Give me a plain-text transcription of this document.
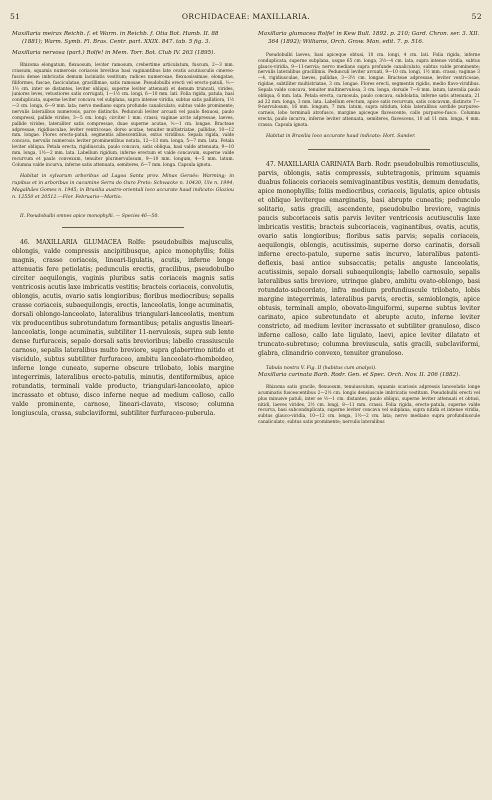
51	ORCHIDACEAE: MAXILLARIA.	52

Maxillaria meirax Reichb. f. et Warm. in Reichb. f. Otia Bot. Hamb. II. 88 (1881); Warm. Symb. Fl. Bras. Centr. part. XXIX. 847. tab. 5 fig. 3.

Maxillaria nervosa (part.) Rolfe! in Mem. Torr. Bot. Club IV. 263 (1895).

Rhizoma elongatum, flexuosum, leviter ramosum, crebertime articulatum, fuscum, 2—3 mm. crassum, squamis numerosis coriaceis brevibus basi vaginantibus late ovatis acutiusculis cinereo-fuscis dense imbricatis demum laciniatis vestitum; radices numerosae, flexuosissimae, elongatae, filiformes, fuscae, fasciculatae, gracillimae, satis ramosae. Pseudobulbi erecti vel erecto-patuli, ⅓—1⅓ cm. inter se distantes, leviter obliqui, superne leviter attenuati et demum truncati, virides, juniores leves, vetustiores satis corrugati, 1—1½ cm. longi, 6—10 mm. lati. Folia rigida, patula, basi conduplicata, superne leviter concava vel subplana, supra intense viridia, subtus satis pallidiora, 1½—3 cm. longa, 6—9 mm. lata; nervo mediano supra profunde canaliculato, subtus valde prominente; nervulis lateralibus numerosis, parce distinctis. Pedunculi leviter arcuati vel paulo flexuosi, paulo compressi, pallide virides, 3—5 cm. longi; circiter 1 mm. crassi; vaginae arcte adpressae, laeves, pallide virides, lateraliter satis compressae, duae superne acutae, ⅓—1 cm. longae. Bracteae adpressae, rigidiusculae, leviter ventricosae, dorso acutae, tenuiter multistriatae, pallidae, 10—12 mm. longae. Flores erecto-patuli, segmentis albescentibus, extus viridibus. Sepala rigida, valde concava, nervulis numerosis leviter prominentibus notata, 12—13 mm. longa, 5—7 mm. lata. Petala leviter obliqua. Petala erecta, rigidiuscula, paulo concava, satis obliqua, basi valde attenuata, 9—10 mm. longa, 1½—2 mm. lata. Labellum rigidum, inferne erectum et valde concavum, superne valde recurvum et paulo convexum, tenuiter plurinervulosum, 9—10 mm. longum, 4—5 mm. latum. Columna valde incurva, inferne satis attenuata, semiteres, 6—7 mm. longa. Capsula ignota.

Habitat in sylvarum arboribus ad Lagoa Santa prov. Minas Geraës: Warming; in rupibus et in arboribus in cacumine Serra do Ouro Preto: Schwacke n. 10430, Ule n. 1994, Magalhães Gomes n. 1945; in Brasilia austro-orientali loco accurate haud indicato: Glaziou n. 12550 et 20512.—Flor. Februario—Martio.

II. Pseudobulbi omnes apice monophylli. — Species 46—50.

46. MAXILLARIA GLUMACEA Rolfe: pseudobulbis majusculis, oblongis, valde compressis ancipitibusque, apice monophyllis; foliis magnis, crasse coriaceis, lineari-ligulatis, acutis, inferne longe attenuatis fere petiolatis; pedunculis erectis, gracilibus, pseudobulbo circiter aequilongis, vaginis pluribus satis coriaceis magnis satis ventricosis acutis laxe imbricatis vestitis; bracteis coriaceis, convolutis, oblongis, acutis, ovario satis longioribus; floribus mediocribus; sepalis crasse coriaceis, subaequilongis, erectis, lanceolatis, longe acuminatis, dorsali oblongo-lanceolato, lateralibus triangulari-lanceolatis, mentum vix producentibus subrotundatum formantibus; petalis angustis lineari-lanceolatis, longe acuminatis, subtiliter 11-nervulosis, supra sub lente dense furfuraceis, sepalo dorsali satis brevioribus; labello crassiuscule carnoso, sepalis lateralibus multo breviore, supra glaberrimo nitido et viscidulo, subtus subtiliter furfuraceo, ambitu lanceolato-rhomboideo, inferne longe cuneato, superne obscure trilobato, lobis margine integerrimis, lateralibus erecto-patulis, minutis, dentiformibus, apice rotundatis, terminali valde producto, triangulari-lanceolato, apice incrassato et obtuso, disco inferne neque ad medium calloso, callo valde prominente, carnoso, lineari-clavato, viscoso; columna longiuscula, crassa, subclaviformi, subtiliter furfuraceo-puberula.

Maxillaria glumacea Rolfe! in Kew Bull. 1892. p. 210; Gard. Chron. ser. 3. XII. 364 (1892); Williams, Orch. Grow. Man. edit. 7. p. 516.

Pseudobulbi laeves, basi apiceque obtusi, 10 cm. longi, 4 cm. lati. Folia rigida, inferne conduplicata, superne subplana, usque 65 cm. longa, 3½—4 cm. lata, supra intense viridia, subtus glauco-viridia, 9—11-nervia; nervo mediano supra profunde canaliculato, subtus valde prominente; nervulis lateralibus gracillimis. Pedunculi leviter arcuati, 9—10 cm. longi, 1½ mm. crassi; vaginae 3—4, rigidiusculae, laeves, pallidae, 3—3½ cm. longae. Bracteae adpressae, leviter ventricosae, rigidae, subtiliter multistriatae, 3 cm. longae. Flores erecti, segmentis rigidis, medio flavo-viridibus. Sepala valde concava, tenuiter multinervulosa, 3 cm. longa, dorsale 7—8 mm. latum, lateralia paulo obliqua, 6 mm. lata. Petala erecta, carnosula, paulo concava, subdolatia, inferne satis attenuata, 21 ad 22 mm. longa, 3 mm. lata. Labellum erectum, apice satis recurvum, satis concavum, distincte 7—9-nervulosum, 16 mm. longum, 7 mm. latum, supra nitidum, lobis lateralibus sordide purpureo-carneis, lobo terminali atrofusco, margine apiceque flavescente, callo purpureo-fusco. Columna erecta, paulo incurva, inferne leviter attenuata, semiteres, flavescens, 10 ad 11 mm. longa, 4 mm. crassa. Capsula ignota.

Habitat in Brasilia loco accurate haud indicato: Hort. Sander.

47. MAXILLARIA CARINATA Barb. Rodr. pseudobulbis remotiusculis, parvis, oblongis, satis compressis, subtetragonis, primum squamis duabus foliaceis coriaceis semivaginantibus vestitis, demum denudatis, apice monophyllis; foliis mediocribus, coriaceis, ligulatis, apice obtusis et obliquo leviterque emarginatis, basi abrupte cuneatis; pedunculo solitario, satis gracili, ascendente, pseudobulbo breviore, vaginis paucis subcoriaceis satis parvis leviter ventricosis acutiusculis laxe imbricatis vestitis; bracteis subcoriaceis, vaginantibus, ovatis, acutis, ovario satis longioribus; floribus satis parvis; sepalis coriaceis, aequilongis, oblongis, acutissimis, superne dorso carinatis, dorsali inferne erecto-patulo, superne satis incurvo, lateralibus patenti-deflexis, basi antice subsaccatis; petalis anguste lanceolatis, acutissimis, sepalo dorsali subaequilongis; labello carnosulo, sepalis lateralibus satis breviore, utrinque glabro, ambitu ovato-oblongo, basi rotundato-subcordato, infra medium profundiuscule trilobato, lobis margine integerrimis, lateralibus parvis, erectis, semioblongis, apice obtusis, terminali amplo, obovato-linguiformi, superne subtus leviter carinato, apice subretundato et abrupte acuto, inferne leviter constricto, ad medium leviter incrassato et subtiliter granuloso, disco inferne calloso, callo late ligulato, laevi, apice leviter dilatato et truncato-subretuso; columna breviuscula, satis gracili, subclaviformi, glabra, clinandrio convexo, tenuiter granuloso.

Tabula nostra V. Fig. II (habitus cum analysi).

Maxillaria carinata Barb. Rodr. Gen. et Spec. Orch. Nov. II. 206 (1882).

Rhizoma satis gracile, flexuosum, tenuiusculum, squamis scariosis adpressis lanceolatis longe acuminatis fuscescentibus 2—2½ cm. longis densiuscule imbricatis vestitum. Pseudobulbi erecti vel plus minusve patuli, inter se ½—1 cm. distantes, paulo obliqui, superne leviter attenuati et obtusi, nitidi, laeves virides, 2½ cm. longi, 8—11 mm. crassi. Folia rigida, erecto-patula, superne valde recurva, basi subconduplicata, superne leviter concava vel subplana, supra nitida et intense viridia, subtus glauco-viridia, 10—12 cm. longa, 1½—2 cm. lata; nervo mediano supra profundiuscule canaliculato, subtus satis prominente; nervulis lateralibus
